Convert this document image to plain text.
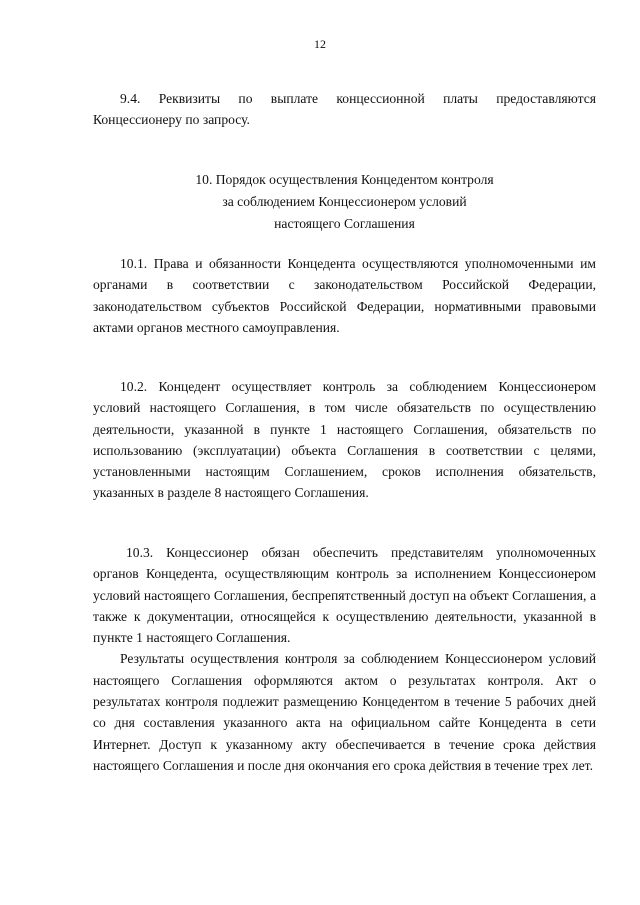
12

9.4. Реквизиты по выплате концессионной платы предоставляются Концессионеру по запросу.

10. Порядок осуществления Концедентом контроля
за соблюдением Концессионером условий
настоящего Соглашения

10.1. Права и обязанности Концедента осуществляются уполномоченными им органами в соответствии с законодательством Российской Федерации, законодательством субъектов Российской Федерации, нормативными правовыми актами органов местного самоуправления.

10.2. Концедент осуществляет контроль за соблюдением Концессионером условий настоящего Соглашения, в том числе обязательств по осуществлению деятельности, указанной в пункте 1 настоящего Соглашения, обязательств по использованию (эксплуатации) объекта Соглашения в соответствии с целями, установленными настоящим Соглашением, сроков исполнения обязательств, указанных в разделе 8 настоящего Соглашения.

10.3. Концессионер обязан обеспечить представителям уполномоченных органов Концедента, осуществляющим контроль за исполнением Концессионером условий настоящего Соглашения, беспрепятственный доступ на объект Соглашения, а также к документации, относящейся к осуществлению деятельности, указанной в пункте 1 настоящего Соглашения.

Результаты осуществления контроля за соблюдением Концессионером условий настоящего Соглашения оформляются актом о результатах контроля. Акт о результатах контроля подлежит размещению Концедентом в течение 5 рабочих дней со дня составления указанного акта на официальном сайте Концедента в сети Интернет. Доступ к указанному акту обеспечивается в течение срока действия настоящего Соглашения и после дня окончания его срока действия в течение трех лет.
